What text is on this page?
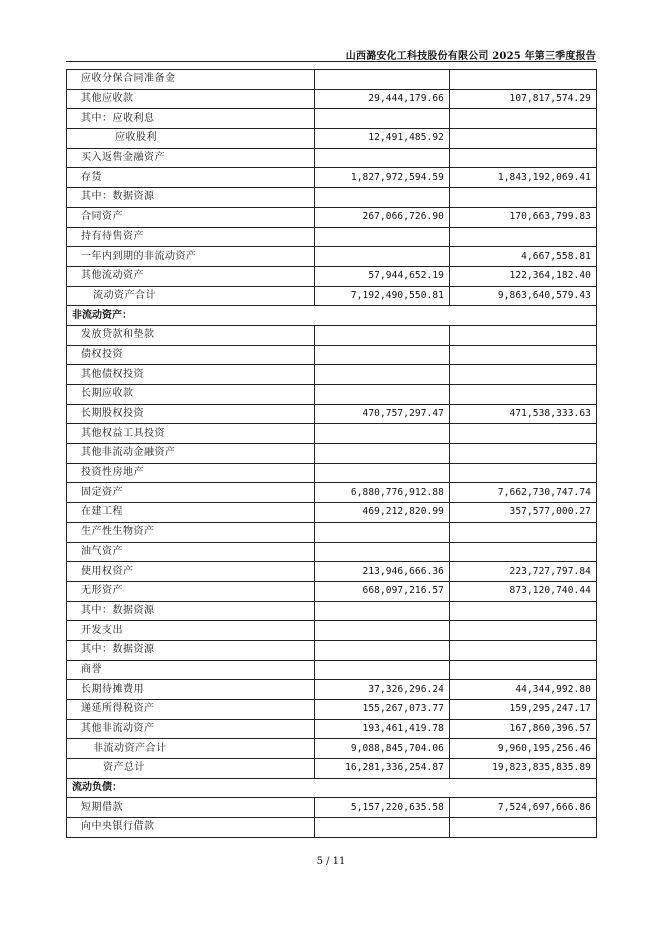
山西潞安化工科技股份有限公司 2025 年第三季度报告
应收分保合同准备金		
其他应收款	29,444,179.66	107,817,574.29
其中：应收利息		
应收股利	12,491,485.92	
买入返售金融资产		
存货	1,827,972,594.59	1,843,192,069.41
其中：数据资源		
合同资产	267,066,726.90	170,663,799.83
持有待售资产		
一年内到期的非流动资产		4,667,558.81
其他流动资产	57,944,652.19	122,364,182.40
流动资产合计	7,192,490,550.81	9,863,640,579.43
非流动资产：		
发放贷款和垫款		
债权投资		
其他债权投资		
长期应收款		
长期股权投资	470,757,297.47	471,538,333.63
其他权益工具投资		
其他非流动金融资产		
投资性房地产		
固定资产	6,880,776,912.88	7,662,730,747.74
在建工程	469,212,820.99	357,577,000.27
生产性生物资产		
油气资产		
使用权资产	213,946,666.36	223,727,797.84
无形资产	668,097,216.57	873,120,740.44
其中：数据资源		
开发支出		
其中：数据资源		
商誉		
长期待摊费用	37,326,296.24	44,344,992.80
递延所得税资产	155,267,073.77	159,295,247.17
其他非流动资产	193,461,419.78	167,860,396.57
非流动资产合计	9,088,845,704.06	9,960,195,256.46
资产总计	16,281,336,254.87	19,823,835,835.89
流动负债：		
短期借款	5,157,220,635.58	7,524,697,666.86
向中央银行借款		
5 / 11
